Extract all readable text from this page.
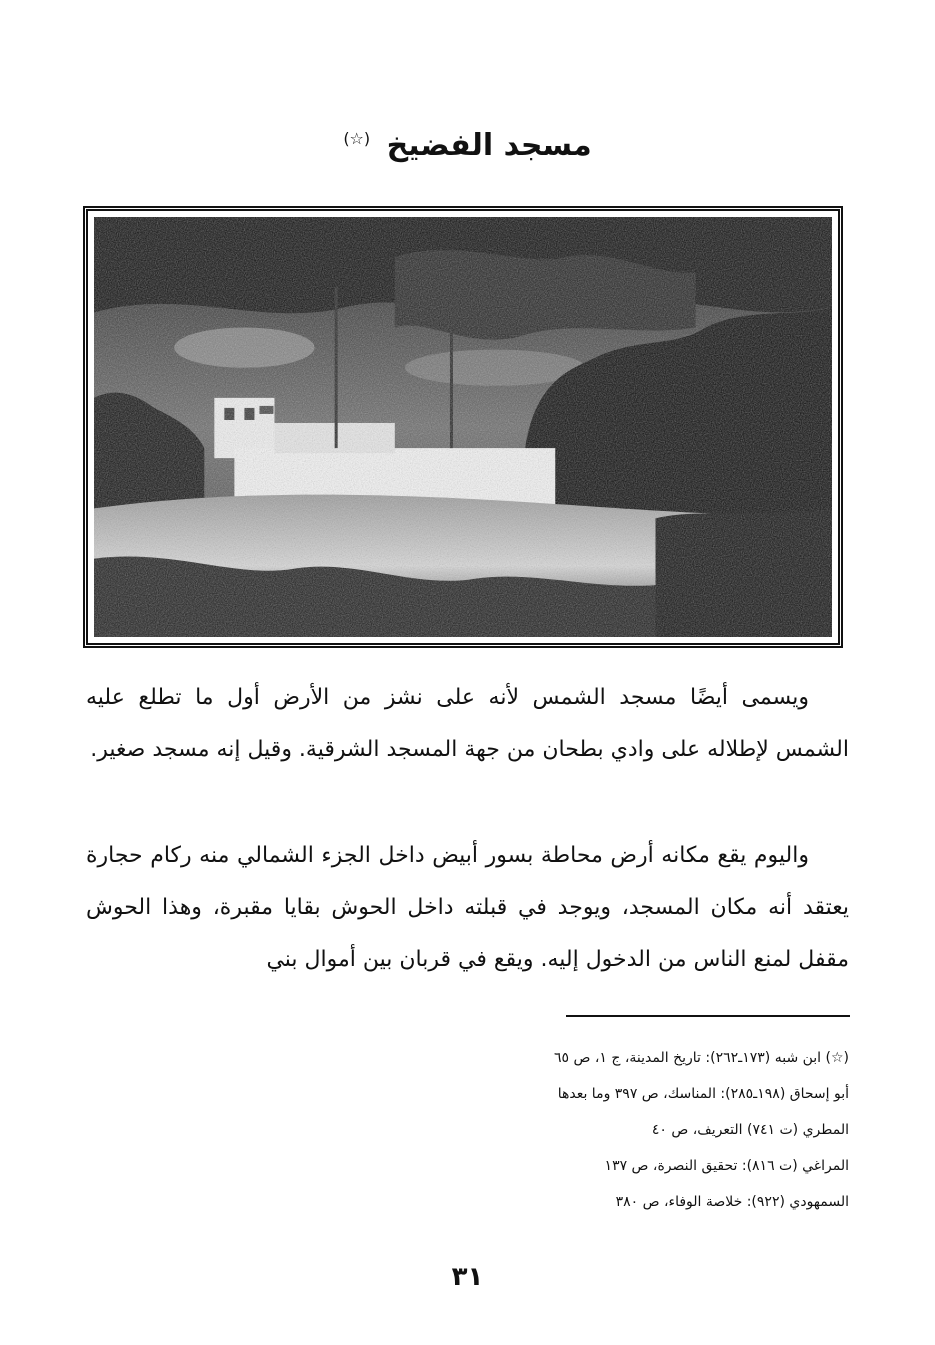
مسجد الفضيخ (☆)

ويسمى أيضًا مسجد الشمس لأنه على نشز من الأرض أول ما تطلع عليه الشمس لإطلاله على وادي بطحان من جهة المسجد الشرقية. وقيل إنه مسجد صغير.

واليوم يقع مكانه أرض محاطة بسور أبيض داخل الجزء الشمالي منه ركام حجارة يعتقد أنه مكان المسجد، ويوجد في قبلته داخل الحوش بقايا مقبرة، وهذا الحوش مقفل لمنع الناس من الدخول إليه. ويقع في قربان بين أموال بني

(☆) ابن شبه (١٧٣ـ٢٦٢): تاريخ المدينة، ج ١، ص ٦٥
أبو إسحاق (١٩٨ـ٢٨٥): المناسك، ص ٣٩٧ وما بعدها
المطري (ت ٧٤١) التعريف، ص ٤٠
المراغي (ت ٨١٦): تحقيق النصرة، ص ١٣٧
السمهودي (٩٢٢): خلاصة الوفاء، ص ٣٨٠
٣١
